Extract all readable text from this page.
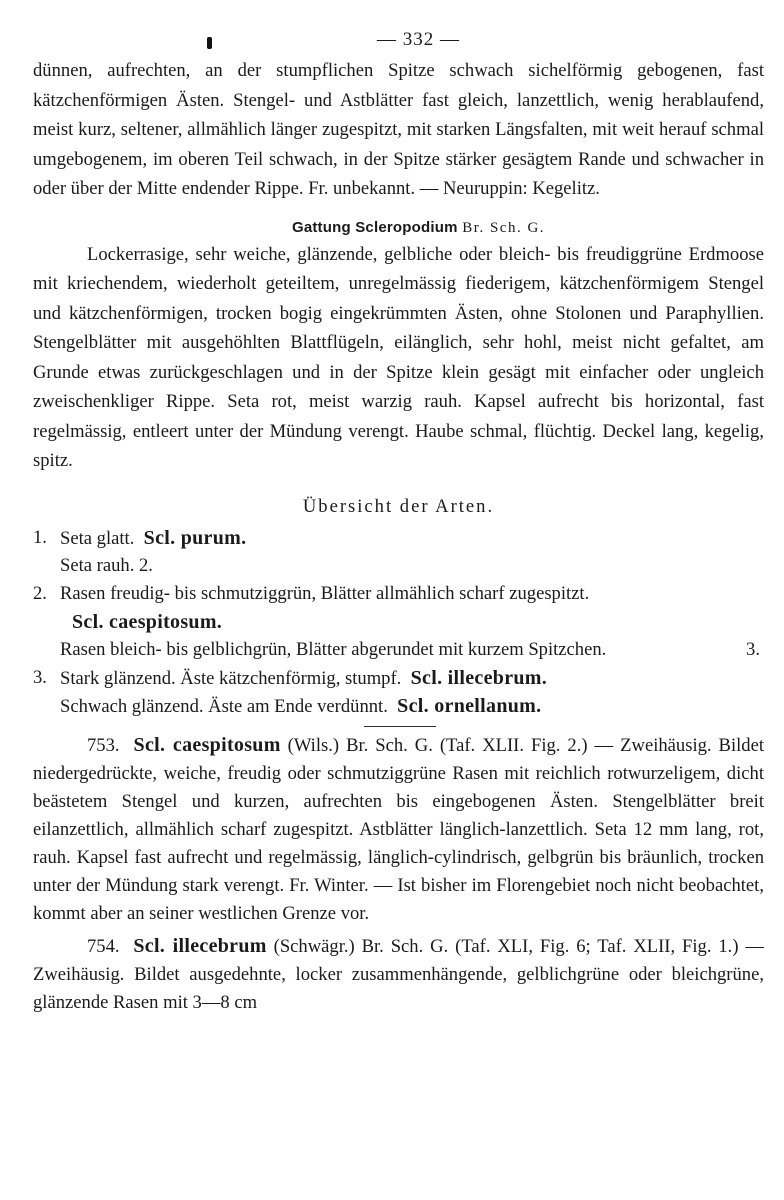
— 332 —

dünnen, aufrechten, an der stumpflichen Spitze schwach sichelförmig gebogenen, fast kätzchenförmigen Ästen. Stengel- und Astblätter fast gleich, lanzettlich, wenig herablaufend, meist kurz, seltener, allmählich länger zugespitzt, mit starken Längsfalten, mit weit herauf schmal umgebogenem, im oberen Teil schwach, in der Spitze stärker gesägtem Rande und schwacher in oder über der Mitte endender Rippe. Fr. unbekannt. — Neuruppin: Kegelitz.

Gattung Scleropodium Br. Sch. G.

Lockerrasige, sehr weiche, glänzende, gelbliche oder bleich- bis freudiggrüne Erdmoose mit kriechendem, wiederholt geteiltem, unregelmässig fiederigem, kätzchenförmigem Stengel und kätzchenförmigen, trocken bogig eingekrümmten Ästen, ohne Stolonen und Paraphyllien. Stengelblätter mit ausgehöhlten Blattflügeln, eilänglich, sehr hohl, meist nicht gefaltet, am Grunde etwas zurückgeschlagen und in der Spitze klein gesägt mit einfacher oder ungleich zweischenkliger Rippe. Seta rot, meist warzig rauh. Kapsel aufrecht bis horizontal, fast regelmässig, entleert unter der Mündung verengt. Haube schmal, flüchtig. Deckel lang, kegelig, spitz.

Übersicht der Arten.
1. Seta glatt. Scl. purum.
Seta rauh. 2.
2. Rasen freudig- bis schmutziggrün, Blätter allmählich scharf zugespitzt.
Scl. caespitosum.
Rasen bleich- bis gelblichgrün, Blätter abgerundet mit kurzem Spitzchen.	3.
3. Stark glänzend. Äste kätzchenförmig, stumpf. Scl. illecebrum.
Schwach glänzend. Äste am Ende verdünnt. Scl. ornellanum.

753. Scl. caespitosum (Wils.) Br. Sch. G. (Taf. XLII. Fig. 2.) — Zweihäusig. Bildet niedergedrückte, weiche, freudig oder schmutziggrüne Rasen mit reichlich rotwurzeligem, dicht beästetem Stengel und kurzen, aufrechten bis eingebogenen Ästen. Stengelblätter breit eilanzettlich, allmählich scharf zugespitzt. Astblätter länglich-lanzettlich. Seta 12 mm lang, rot, rauh. Kapsel fast aufrecht und regelmässig, länglich-cylindrisch, gelbgrün bis bräunlich, trocken unter der Mündung stark verengt. Fr. Winter. — Ist bisher im Florengebiet noch nicht beobachtet, kommt aber an seiner westlichen Grenze vor.

754. Scl. illecebrum (Schwägr.) Br. Sch. G. (Taf. XLI, Fig. 6; Taf. XLII, Fig. 1.) — Zweihäusig. Bildet ausgedehnte, locker zusammenhängende, gelblichgrüne oder bleichgrüne, glänzende Rasen mit 3—8 cm
